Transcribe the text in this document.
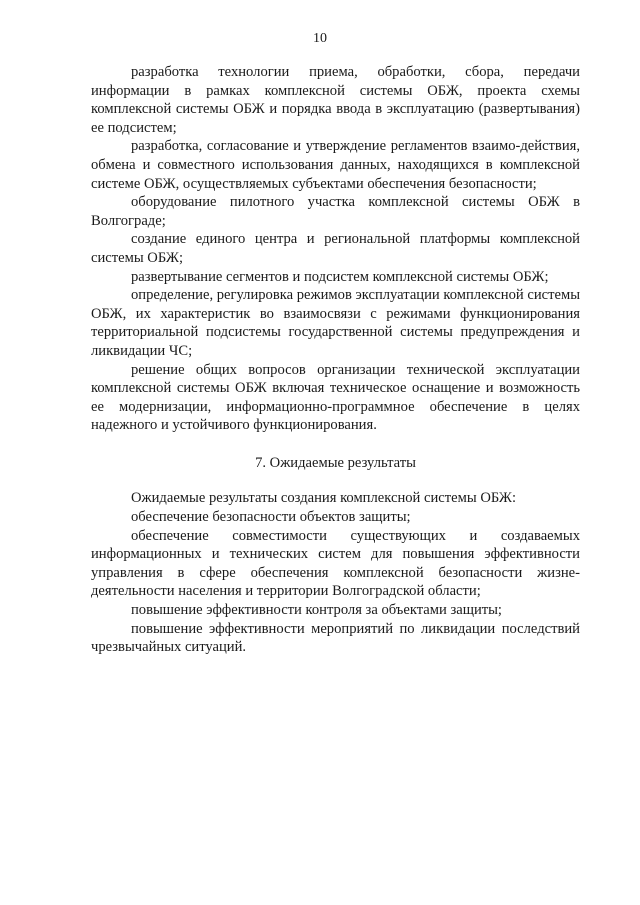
10

разработка технологии приема, обработки, сбора, передачи информации в рамках комплексной системы ОБЖ, проекта схемы комплексной системы ОБЖ и порядка ввода в эксплуатацию (развертывания) ее подсистем;

разработка, согласование и утверждение регламентов взаимо-действия, обмена и совместного использования данных, находящихся в комплексной системе ОБЖ, осуществляемых субъектами обеспечения безопасности;

оборудование пилотного участка комплексной системы ОБЖ в Волгограде;

создание единого центра и региональной платформы комплексной системы ОБЖ;

развертывание сегментов и подсистем комплексной системы ОБЖ;

определение, регулировка режимов эксплуатации комплексной системы ОБЖ, их характеристик во взаимосвязи с режимами функционирования территориальной подсистемы государственной системы предупреждения и ликвидации ЧС;

решение общих вопросов организации технической эксплуатации комплексной системы ОБЖ включая техническое оснащение и возможность ее модернизации, информационно-программное обеспечение в целях надежного и устойчивого функционирования.

7. Ожидаемые результаты

Ожидаемые результаты создания комплексной системы ОБЖ:

обеспечение безопасности объектов защиты;

обеспечение совместимости существующих и создаваемых информационных и технических систем для повышения эффективности управления в сфере обеспечения комплексной безопасности жизне-деятельности населения и территории Волгоградской области;

повышение эффективности контроля за объектами защиты;

повышение эффективности мероприятий по ликвидации последствий чрезвычайных ситуаций.
